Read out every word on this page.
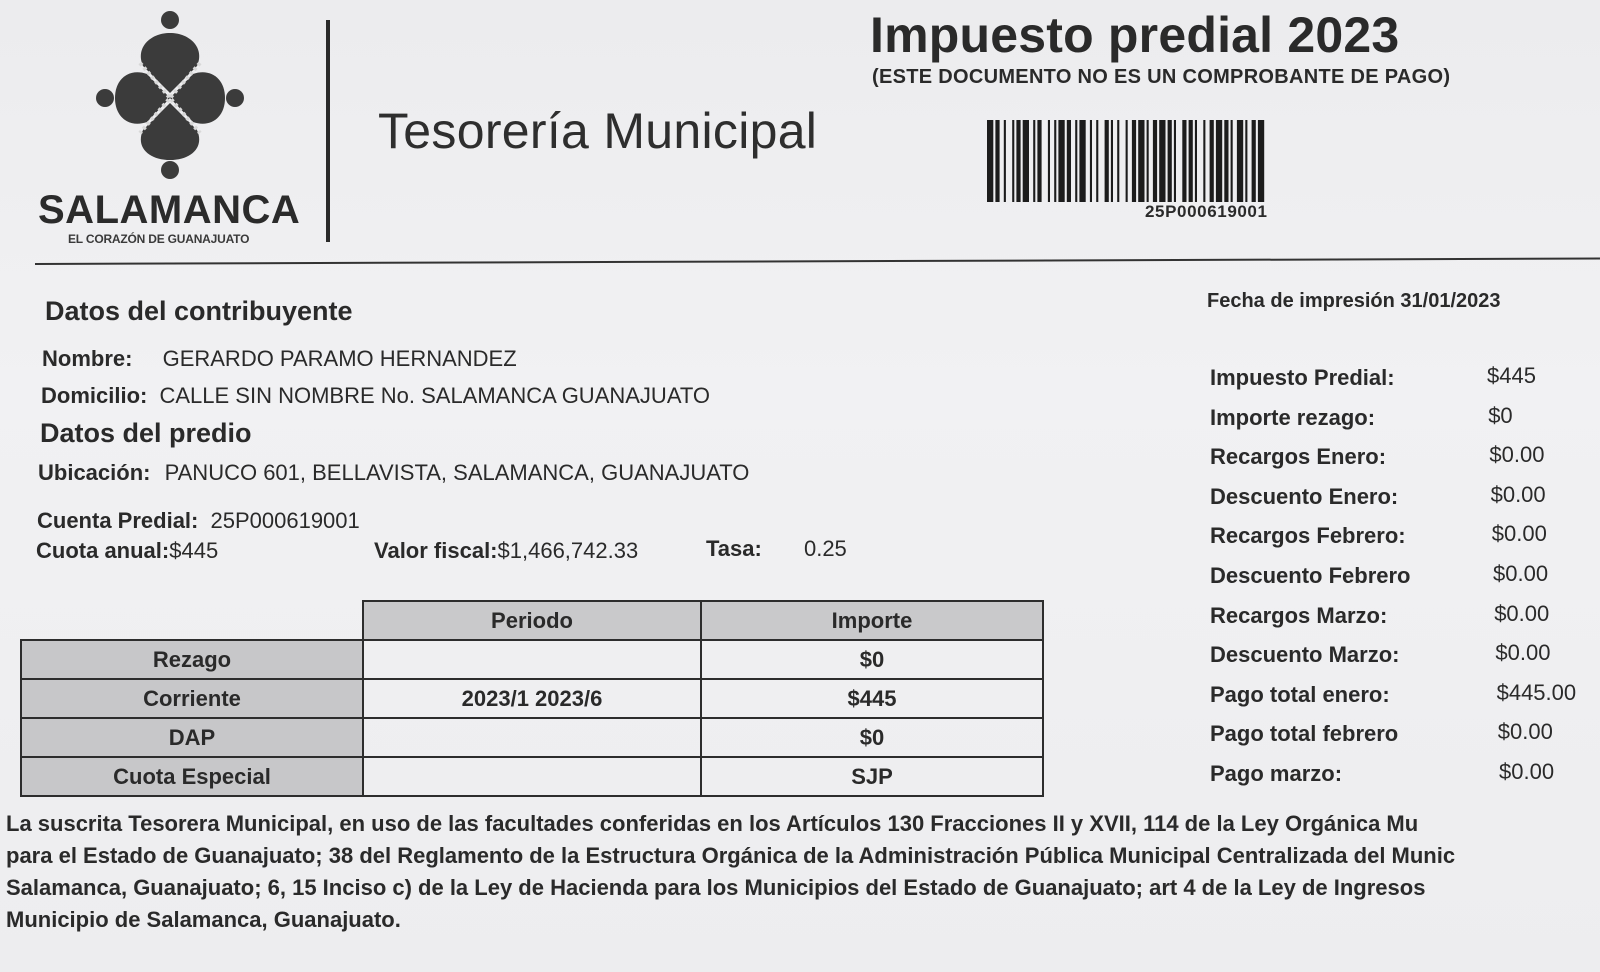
SALAMANCA
EL CORAZÓN DE GUANAJUATO
Tesorería Municipal
Impuesto predial 2023
(ESTE DOCUMENTO NO ES UN COMPROBANTE DE PAGO)
25P000619001
Datos del contribuyente
Nombre: GERARDO PARAMO HERNANDEZ
Domicilio: CALLE SIN NOMBRE No. SALAMANCA GUANAJUATO
Datos del predio
Ubicación: PANUCO 601, BELLAVISTA, SALAMANCA, GUANAJUATO
Cuenta Predial: 25P000619001
Cuota anual:$445	Valor fiscal:$1,466,742.33	Tasa: 0.25
	Periodo	Importe
Rezago		$0
Corriente	2023/1 2023/6	$445
DAP		$0
Cuota Especial		SJP
Fecha de impresión 31/01/2023
Impuesto Predial:	$445
Importe rezago:	$0
Recargos Enero:	$0.00
Descuento Enero:	$0.00
Recargos Febrero:	$0.00
Descuento Febrero	$0.00
Recargos Marzo:	$0.00
Descuento Marzo:	$0.00
Pago total enero:	$445.00
Pago total febrero	$0.00
Pago marzo:	$0.00
La suscrita Tesorera Municipal, en uso de las facultades conferidas en los Artículos 130 Fracciones II y XVII, 114 de la Ley Orgánica Mu
para el Estado de Guanajuato; 38 del Reglamento de la Estructura Orgánica de la Administración Pública Municipal Centralizada del Munic
Salamanca, Guanajuato; 6, 15 Inciso c) de la Ley de Hacienda para los Municipios del Estado de Guanajuato; art 4 de la Ley de Ingresos
Municipio de Salamanca, Guanajuato.
